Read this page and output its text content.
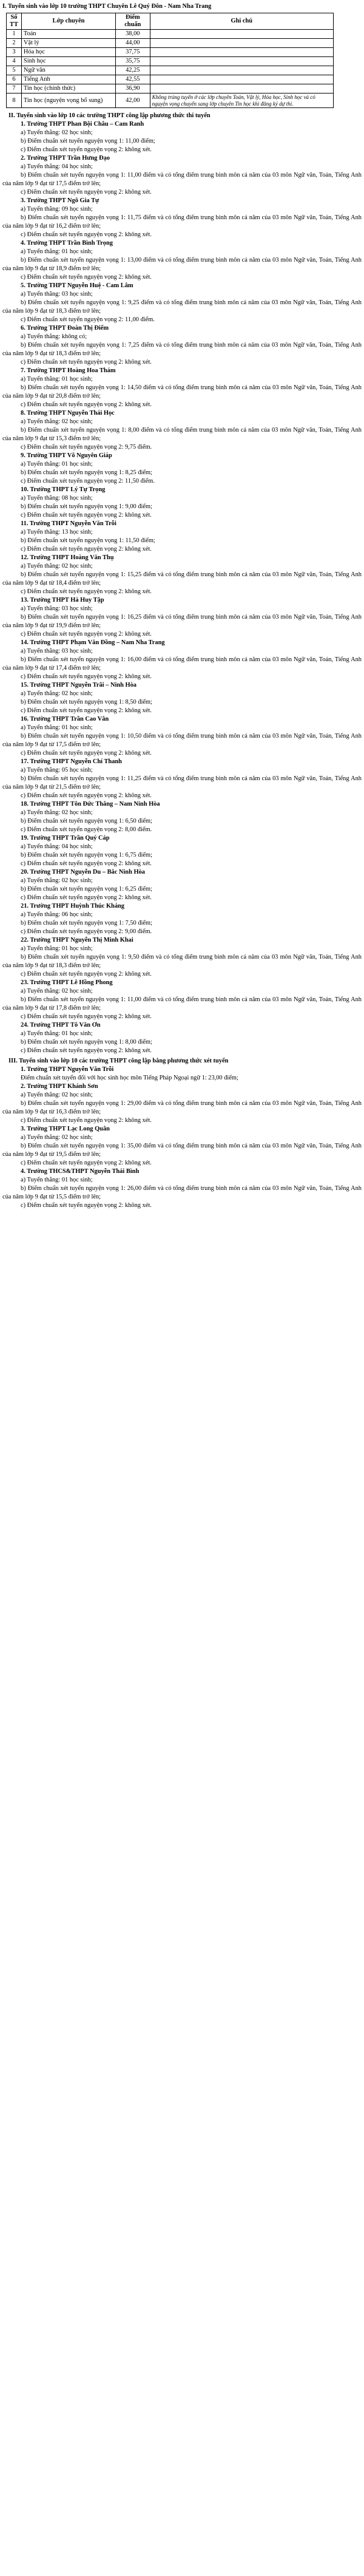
I. Tuyển sinh vào lớp 10 trường THPT Chuyên Lê Quý Đôn - Nam Nha Trang
Số TT	Lớp chuyên	Điểm chuẩn	Ghi chú
1	Toán	38,00	
2	Vật lý	44,00	
3	Hóa học	37,75	
4	Sinh học	35,75	
5	Ngữ văn	42,25	
6	Tiếng Anh	42,55	
7	Tin học (chính thức)	36,90	
8	Tin học (nguyện vọng bổ sung)	42,00	Không trúng tuyển ở các lớp chuyên Toán, Vật lý, Hóa học, Sinh học và có nguyện vọng chuyển sang lớp chuyên Tin học khi đăng ký dự thi.
II. Tuyển sinh vào lớp 10 các trường THPT công lập phương thức thi tuyển
1. Trường THPT Phan Bội Châu – Cam Ranh
a) Tuyển thẳng: 02 học sinh;
b) Điểm chuẩn xét tuyển nguyện vọng 1: 11,00 điểm;
c) Điểm chuẩn xét tuyển nguyện vọng 2: không xét.
2. Trường THPT Trần Hưng Đạo
a) Tuyển thẳng: 04 học sinh;
b) Điểm chuẩn xét tuyển nguyện vọng 1: 11,00 điểm và có tổng điểm trung bình môn cả năm của 03 môn Ngữ văn, Toán, Tiếng Anh của năm lớp 9 đạt từ 17,5 điểm trở lên;
c) Điểm chuẩn xét tuyển nguyện vọng 2: không xét.
3. Trường THPT Ngô Gia Tự
a) Tuyển thẳng: 09 học sinh;
b) Điểm chuẩn xét tuyển nguyện vọng 1: 11,75 điểm và có tổng điểm trung bình môn cả năm của 03 môn Ngữ văn, Toán, Tiếng Anh của năm lớp 9 đạt từ 16,2 điểm trở lên;
c) Điểm chuẩn xét tuyển nguyện vọng 2: không xét.
4. Trường THPT Trần Bình Trọng
a) Tuyển thẳng: 01 học sinh;
b) Điểm chuẩn xét tuyển nguyện vọng 1: 13,00 điểm và có tổng điểm trung bình môn cả năm của 03 môn Ngữ văn, Toán, Tiếng Anh của năm lớp 9 đạt từ 18,9 điểm trở lên;
c) Điểm chuẩn xét tuyển nguyện vọng 2: không xét.
5. Trường THPT Nguyễn Huệ - Cam Lâm
a) Tuyển thẳng: 03 học sinh;
b) Điểm chuẩn xét tuyển nguyện vọng 1: 9,25 điểm và có tổng điểm trung bình môn cả năm của 03 môn Ngữ văn, Toán, Tiếng Anh của năm lớp 9 đạt từ 18,3 điểm trở lên;
c) Điểm chuẩn xét tuyển nguyện vọng 2: 11,00 điểm.
6. Trường THPT Đoàn Thị Điểm
a) Tuyển thẳng: không có;
b) Điểm chuẩn xét tuyển nguyện vọng 1: 7,25 điểm và có tổng điểm trung bình môn cả năm của 03 môn Ngữ văn, Toán, Tiếng Anh của năm lớp 9 đạt từ 18,3 điểm trở lên;
c) Điểm chuẩn xét tuyển nguyện vọng 2: không xét.
7. Trường THPT Hoàng Hoa Thám
a) Tuyển thẳng: 01 học sinh;
b) Điểm chuẩn xét tuyển nguyện vọng 1: 14,50 điểm và có tổng điểm trung bình môn cả năm của 03 môn Ngữ văn, Toán, Tiếng Anh của năm lớp 9 đạt từ 20,8 điểm trở lên;
c) Điểm chuẩn xét tuyển nguyện vọng 2: không xét.
8. Trường THPT Nguyễn Thái Học
a) Tuyển thẳng: 02 học sinh;
b) Điểm chuẩn xét tuyển nguyện vọng 1: 8,00 điểm và có tổng điểm trung bình môn cả năm của 03 môn Ngữ văn, Toán, Tiếng Anh của năm lớp 9 đạt từ 15,3 điểm trở lên;
c) Điểm chuẩn xét tuyển nguyện vọng 2: 9,75 điểm.
9. Trường THPT Võ Nguyên Giáp
a) Tuyển thẳng: 01 học sinh;
b) Điểm chuẩn xét tuyển nguyện vọng 1: 8,25 điểm;
c) Điểm chuẩn xét tuyển nguyện vọng 2: 11,50 điểm.
10. Trường THPT Lý Tự Trọng
a) Tuyển thẳng: 08 học sinh;
b) Điểm chuẩn xét tuyển nguyện vọng 1: 9,00 điểm;
c) Điểm chuẩn xét tuyển nguyện vọng 2: không xét.
11. Trường THPT Nguyễn Văn Trỗi
a) Tuyển thẳng: 13 học sinh;
b) Điểm chuẩn xét tuyển nguyện vọng 1: 11,50 điểm;
c) Điểm chuẩn xét tuyển nguyện vọng 2: không xét.
12. Trường THPT Hoàng Văn Thụ
a) Tuyển thẳng: 02 học sinh;
b) Điểm chuẩn xét tuyển nguyện vọng 1: 15,25 điểm và có tổng điểm trung bình môn cả năm của 03 môn Ngữ văn, Toán, Tiếng Anh của năm lớp 9 đạt từ 18,4 điểm trở lên;
c) Điểm chuẩn xét tuyển nguyện vọng 2: không xét.
13. Trường THPT Hà Huy Tập
a) Tuyển thẳng: 03 học sinh;
b) Điểm chuẩn xét tuyển nguyện vọng 1: 16,25 điểm và có tổng điểm trung bình môn cả năm của 03 môn Ngữ văn, Toán, Tiếng Anh của năm lớp 9 đạt từ 19,9 điểm trở lên;
c) Điểm chuẩn xét tuyển nguyện vọng 2: không xét.
14. Trường THPT Phạm Văn Đồng – Nam Nha Trang
a) Tuyển thẳng: 03 học sinh;
b) Điểm chuẩn xét tuyển nguyện vọng 1: 16,00 điểm và có tổng điểm trung bình môn cả năm của 03 môn Ngữ văn, Toán, Tiếng Anh của năm lớp 9 đạt từ 17,4 điểm trở lên;
c) Điểm chuẩn xét tuyển nguyện vọng 2: không xét.
15. Trường THPT Nguyễn Trãi – Ninh Hòa
a) Tuyển thẳng: 02 học sinh;
b) Điểm chuẩn xét tuyển nguyện vọng 1: 8,50 điểm;
c) Điểm chuẩn xét tuyển nguyện vọng 2: không xét.
16. Trường THPT Trần Cao Vân
a) Tuyển thẳng: 01 học sinh;
b) Điểm chuẩn xét tuyển nguyện vọng 1: 10,50 điểm và có tổng điểm trung bình môn cả năm của 03 môn Ngữ văn, Toán, Tiếng Anh của năm lớp 9 đạt từ 17,5 điểm trở lên;
c) Điểm chuẩn xét tuyển nguyện vọng 2: không xét.
17. Trường THPT Nguyễn Chí Thanh
a) Tuyển thẳng: 05 học sinh;
b) Điểm chuẩn xét tuyển nguyện vọng 1: 11,25 điểm và có tổng điểm trung bình môn cả năm của 03 môn Ngữ văn, Toán, Tiếng Anh của năm lớp 9 đạt từ 21,5 điểm trở lên;
c) Điểm chuẩn xét tuyển nguyện vọng 2: không xét.
18. Trường THPT Tôn Đức Thắng – Nam Ninh Hòa
a) Tuyển thẳng: 02 học sinh;
b) Điểm chuẩn xét tuyển nguyện vọng 1: 6,50 điểm;
c) Điểm chuẩn xét tuyển nguyện vọng 2: 8,00 điểm.
19. Trường THPT Trần Quý Cáp
a) Tuyển thẳng: 04 học sinh;
b) Điểm chuẩn xét tuyển nguyện vọng 1: 6,75 điểm;
c) Điểm chuẩn xét tuyển nguyện vọng 2: không xét.
20. Trường THPT Nguyễn Du – Bắc Ninh Hòa
a) Tuyển thẳng: 02 học sinh;
b) Điểm chuẩn xét tuyển nguyện vọng 1: 6,25 điểm;
c) Điểm chuẩn xét tuyển nguyện vọng 2: không xét.
21. Trường THPT Huỳnh Thúc Kháng
a) Tuyển thẳng: 06 học sinh;
b) Điểm chuẩn xét tuyển nguyện vọng 1: 7,50 điểm;
c) Điểm chuẩn xét tuyển nguyện vọng 2: 9,00 điểm.
22. Trường THPT Nguyễn Thị Minh Khai
a) Tuyển thẳng: 01 học sinh;
b) Điểm chuẩn xét tuyển nguyện vọng 1: 9,50 điểm và có tổng điểm trung bình môn cả năm của 03 môn Ngữ văn, Toán, Tiếng Anh của năm lớp 9 đạt từ 18,3 điểm trở lên;
c) Điểm chuẩn xét tuyển nguyện vọng 2: không xét.
23. Trường THPT Lê Hồng Phong
a) Tuyển thẳng: 02 học sinh;
b) Điểm chuẩn xét tuyển nguyện vọng 1: 11,00 điểm và có tổng điểm trung bình môn cả năm của 03 môn Ngữ văn, Toán, Tiếng Anh của năm lớp 9 đạt từ 17,8 điểm trở lên;
c) Điểm chuẩn xét tuyển nguyện vọng 2: không xét.
24. Trường THPT Tô Văn Ơn
a) Tuyển thẳng: 01 học sinh;
b) Điểm chuẩn xét tuyển nguyện vọng 1: 8,00 điểm;
c) Điểm chuẩn xét tuyển nguyện vọng 2: không xét.
III. Tuyển sinh vào lớp 10 các trường THPT công lập bằng phương thức xét tuyển
1. Trường THPT Nguyễn Văn Trỗi
Điểm chuẩn xét tuyển đối với học sinh học môn Tiếng Pháp Ngoại ngữ 1: 23,00 điểm;
2. Trường THPT Khánh Sơn
a) Tuyển thẳng: 02 học sinh;
b) Điểm chuẩn xét tuyển nguyện vọng 1: 29,00 điểm và có tổng điểm trung bình môn cả năm của 03 môn Ngữ văn, Toán, Tiếng Anh của năm lớp 9 đạt từ 16,3 điểm trở lên;
c) Điểm chuẩn xét tuyển nguyện vọng 2: không xét.
3. Trường THPT Lạc Long Quân
a) Tuyển thẳng: 02 học sinh;
b) Điểm chuẩn xét tuyển nguyện vọng 1: 35,00 điểm và có tổng điểm trung bình môn cả năm của 03 môn Ngữ văn, Toán, Tiếng Anh của năm lớp 9 đạt từ 19,5 điểm trở lên;
c) Điểm chuẩn xét tuyển nguyện vọng 2: không xét.
4. Trường THCS&THPT Nguyễn Thái Bình
a) Tuyển thẳng: 01 học sinh;
b) Điểm chuẩn xét tuyển nguyện vọng 1: 26,00 điểm và có tổng điểm trung bình môn cả năm của 03 môn Ngữ văn, Toán, Tiếng Anh của năm lớp 9 đạt từ 15,5 điểm trở lên;
c) Điểm chuẩn xét tuyển nguyện vọng 2: không xét.
